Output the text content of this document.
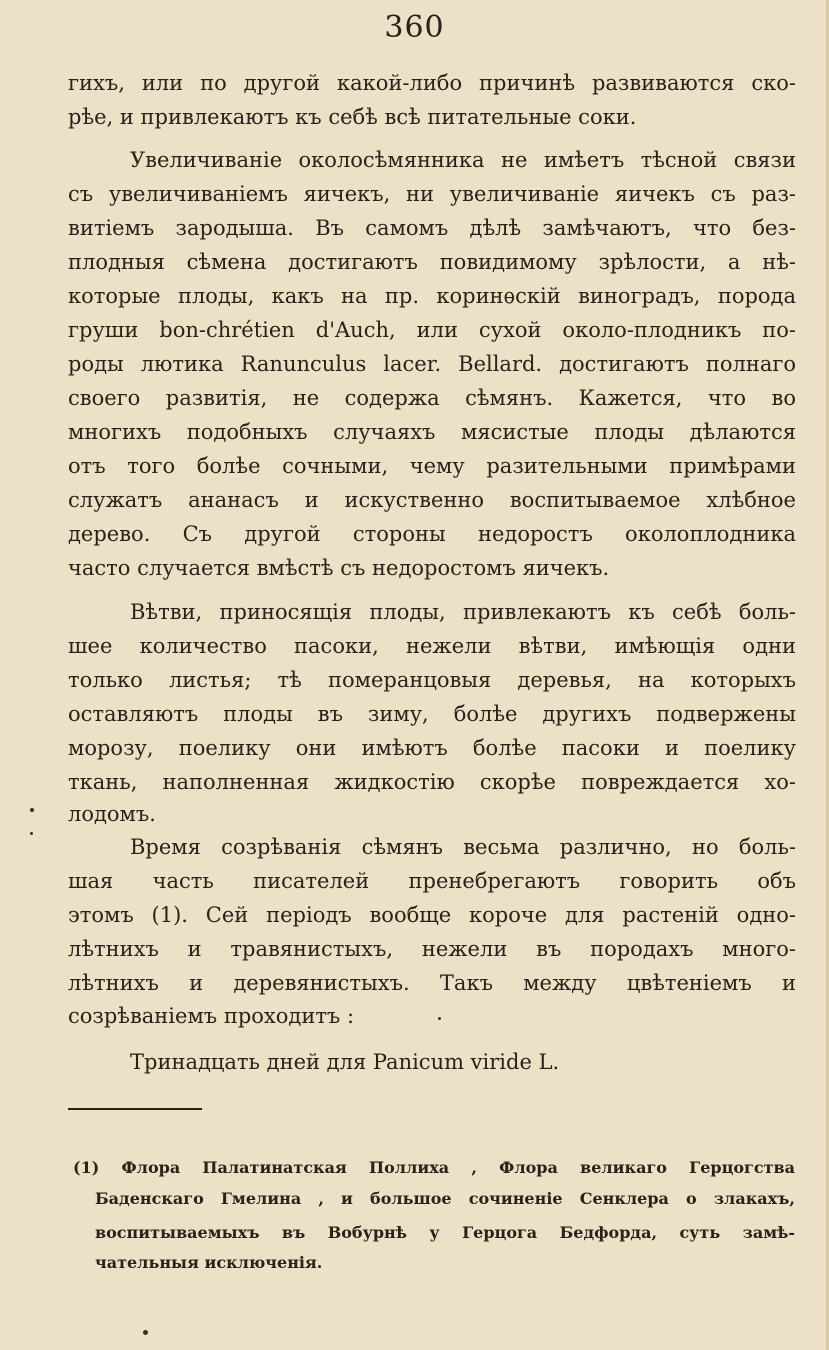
360
гихъ, или по другой какой-либо причинѣ развиваются ско-
рѣе, и привлекаютъ къ себѣ всѣ питательные соки.
Увеличиваніе околосѣмянника не имѣетъ тѣсной связи
съ увеличиваніемъ яичекъ, ни увеличиваніе яичекъ съ раз-
витіемъ зародыша. Въ самомъ дѣлѣ замѣчаютъ, что без-
плодныя сѣмена достигаютъ повидимому зрѣлости, а нѣ-
которые плоды, какъ на пр. коринѳскій виноградъ, порода
груши bon-chrétien d'Auch, или сухой около-плодникъ по-
роды лютика Ranunculus lacer. Bellard. достигаютъ полнаго
своего развитія, не содержа сѣмянъ. Кажется, что во
многихъ подобныхъ случаяхъ мясистые плоды дѣлаются
отъ того болѣе сочными, чему разительными примѣрами
служатъ ананасъ и искуственно воспитываемое хлѣбное
дерево. Съ другой стороны недоростъ околоплодника
часто случается вмѣстѣ съ недоростомъ яичекъ.
Вѣтви, приносящія плоды, привлекаютъ къ себѣ боль-
шее количество пасоки, нежели вѣтви, имѣющія одни
только листья; тѣ померанцовыя деревья, на которыхъ
оставляютъ плоды въ зиму, болѣе другихъ подвержены
морозу, поелику они имѣютъ болѣе пасоки и поелику
ткань, наполненная жидкостію скорѣе повреждается хо-
лодомъ.
Время созрѣванія сѣмянъ весьма различно, но боль-
шая часть писателей пренебрегаютъ говорить объ
этомъ (1). Сей періодъ вообще короче для растеній одно-
лѣтнихъ и травянистыхъ, нежели въ породахъ много-
лѣтнихъ и деревянистыхъ. Такъ между цвѣтеніемъ и
созрѣваніемъ проходитъ :
Тринадцать дней для Panicum viride L.
(1) Флора Палатинатская Поллиха , Флора великаго Герцогства
Баденскаго Гмелина , и большое сочиненіе Сенклера о злакахъ,
воспитываемыхъ въ Вобурнѣ у Герцога Бедфорда, суть замѣ-
чательныя исключенія.
